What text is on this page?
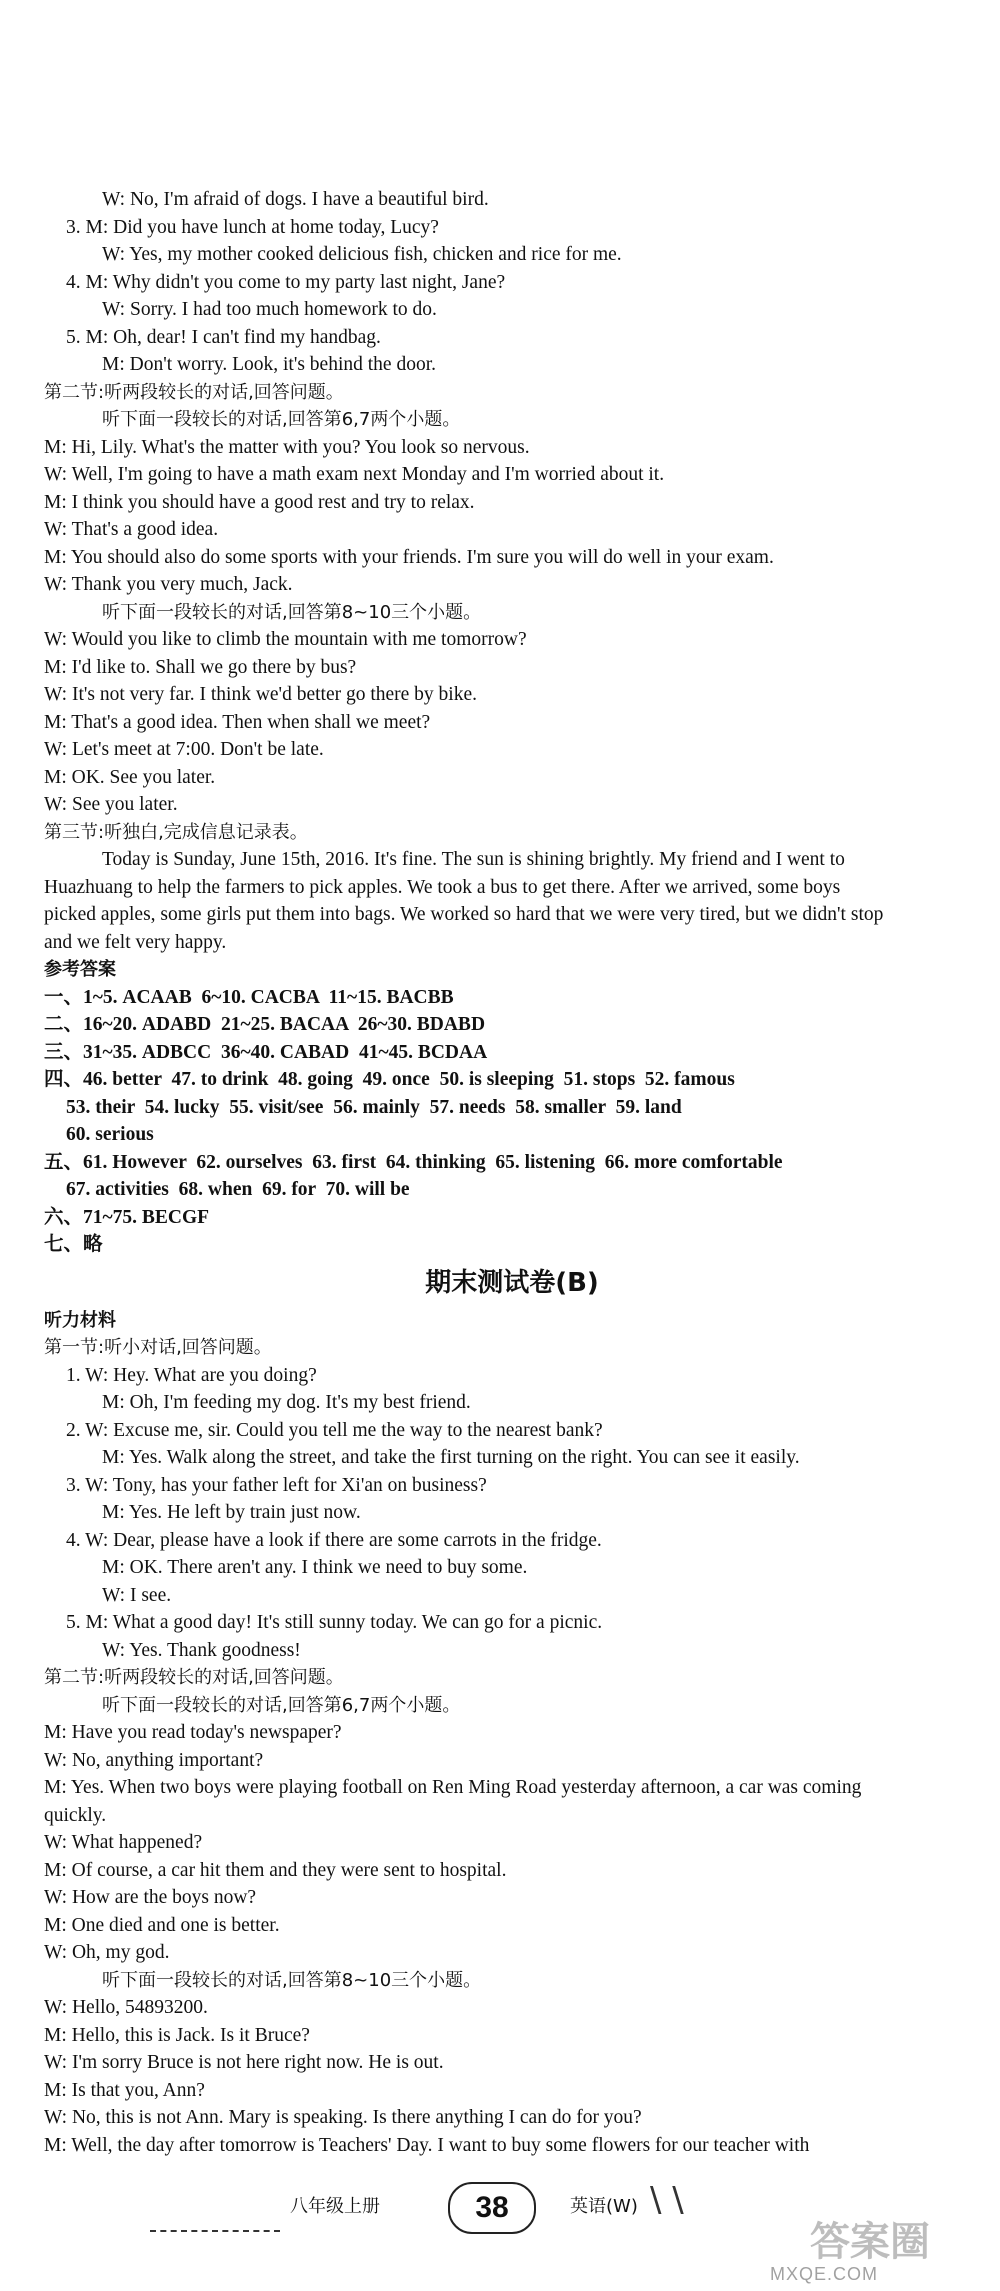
W: No, I'm afraid of dogs. I have a beautiful bird.
3. M: Did you have lunch at home today, Lucy?
W: Yes, my mother cooked delicious fish, chicken and rice for me.
4. M: Why didn't you come to my party last night, Jane?
W: Sorry. I had too much homework to do.
5. M: Oh, dear! I can't find my handbag.
M: Don't worry. Look, it's behind the door.
第二节:听两段较长的对话,回答问题。
听下面一段较长的对话,回答第6,7两个小题。
M: Hi, Lily. What's the matter with you? You look so nervous.
W: Well, I'm going to have a math exam next Monday and I'm worried about it.
M: I think you should have a good rest and try to relax.
W: That's a good idea.
M: You should also do some sports with your friends. I'm sure you will do well in your exam.
W: Thank you very much, Jack.
听下面一段较长的对话,回答第8~10三个小题。
W: Would you like to climb the mountain with me tomorrow?
M: I'd like to. Shall we go there by bus?
W: It's not very far. I think we'd better go there by bike.
M: That's a good idea. Then when shall we meet?
W: Let's meet at 7:00. Don't be late.
M: OK. See you later.
W: See you later.
第三节:听独白,完成信息记录表。
Today is Sunday, June 15th, 2016. It's fine. The sun is shining brightly. My friend and I went to
Huazhuang to help the farmers to pick apples. We took a bus to get there. After we arrived, some boys
picked apples, some girls put them into bags. We worked so hard that we were very tired, but we didn't stop
and we felt very happy.
参考答案
一、1~5. ACAAB  6~10. CACBA  11~15. BACBB
二、16~20. ADABD  21~25. BACAA  26~30. BDABD
三、31~35. ADBCC  36~40. CABAD  41~45. BCDAA
四、46. better  47. to drink  48. going  49. once  50. is sleeping  51. stops  52. famous
53. their  54. lucky  55. visit/see  56. mainly  57. needs  58. smaller  59. land
60. serious
五、61. However  62. ourselves  63. first  64. thinking  65. listening  66. more comfortable
67. activities  68. when  69. for  70. will be
六、71~75. BECGF
七、略
期末测试卷(B)
听力材料
第一节:听小对话,回答问题。
1. W: Hey. What are you doing?
M: Oh, I'm feeding my dog. It's my best friend.
2. W: Excuse me, sir. Could you tell me the way to the nearest bank?
M: Yes. Walk along the street, and take the first turning on the right. You can see it easily.
3. W: Tony, has your father left for Xi'an on business?
M: Yes. He left by train just now.
4. W: Dear, please have a look if there are some carrots in the fridge.
M: OK. There aren't any. I think we need to buy some.
W: I see.
5. M: What a good day! It's still sunny today. We can go for a picnic.
W: Yes. Thank goodness!
第二节:听两段较长的对话,回答问题。
听下面一段较长的对话,回答第6,7两个小题。
M: Have you read today's newspaper?
W: No, anything important?
M: Yes. When two boys were playing football on Ren Ming Road yesterday afternoon, a car was coming
quickly.
W: What happened?
M: Of course, a car hit them and they were sent to hospital.
W: How are the boys now?
M: One died and one is better.
W: Oh, my god.
听下面一段较长的对话,回答第8~10三个小题。
W: Hello, 54893200.
M: Hello, this is Jack. Is it Bruce?
W: I'm sorry Bruce is not here right now. He is out.
M: Is that you, Ann?
W: No, this is not Ann. Mary is speaking. Is there anything I can do for you?
M: Well, the day after tomorrow is Teachers' Day. I want to buy some flowers for our teacher with
八年级上册	38	英语(W) \ \
答案圈
MXQE.COM
